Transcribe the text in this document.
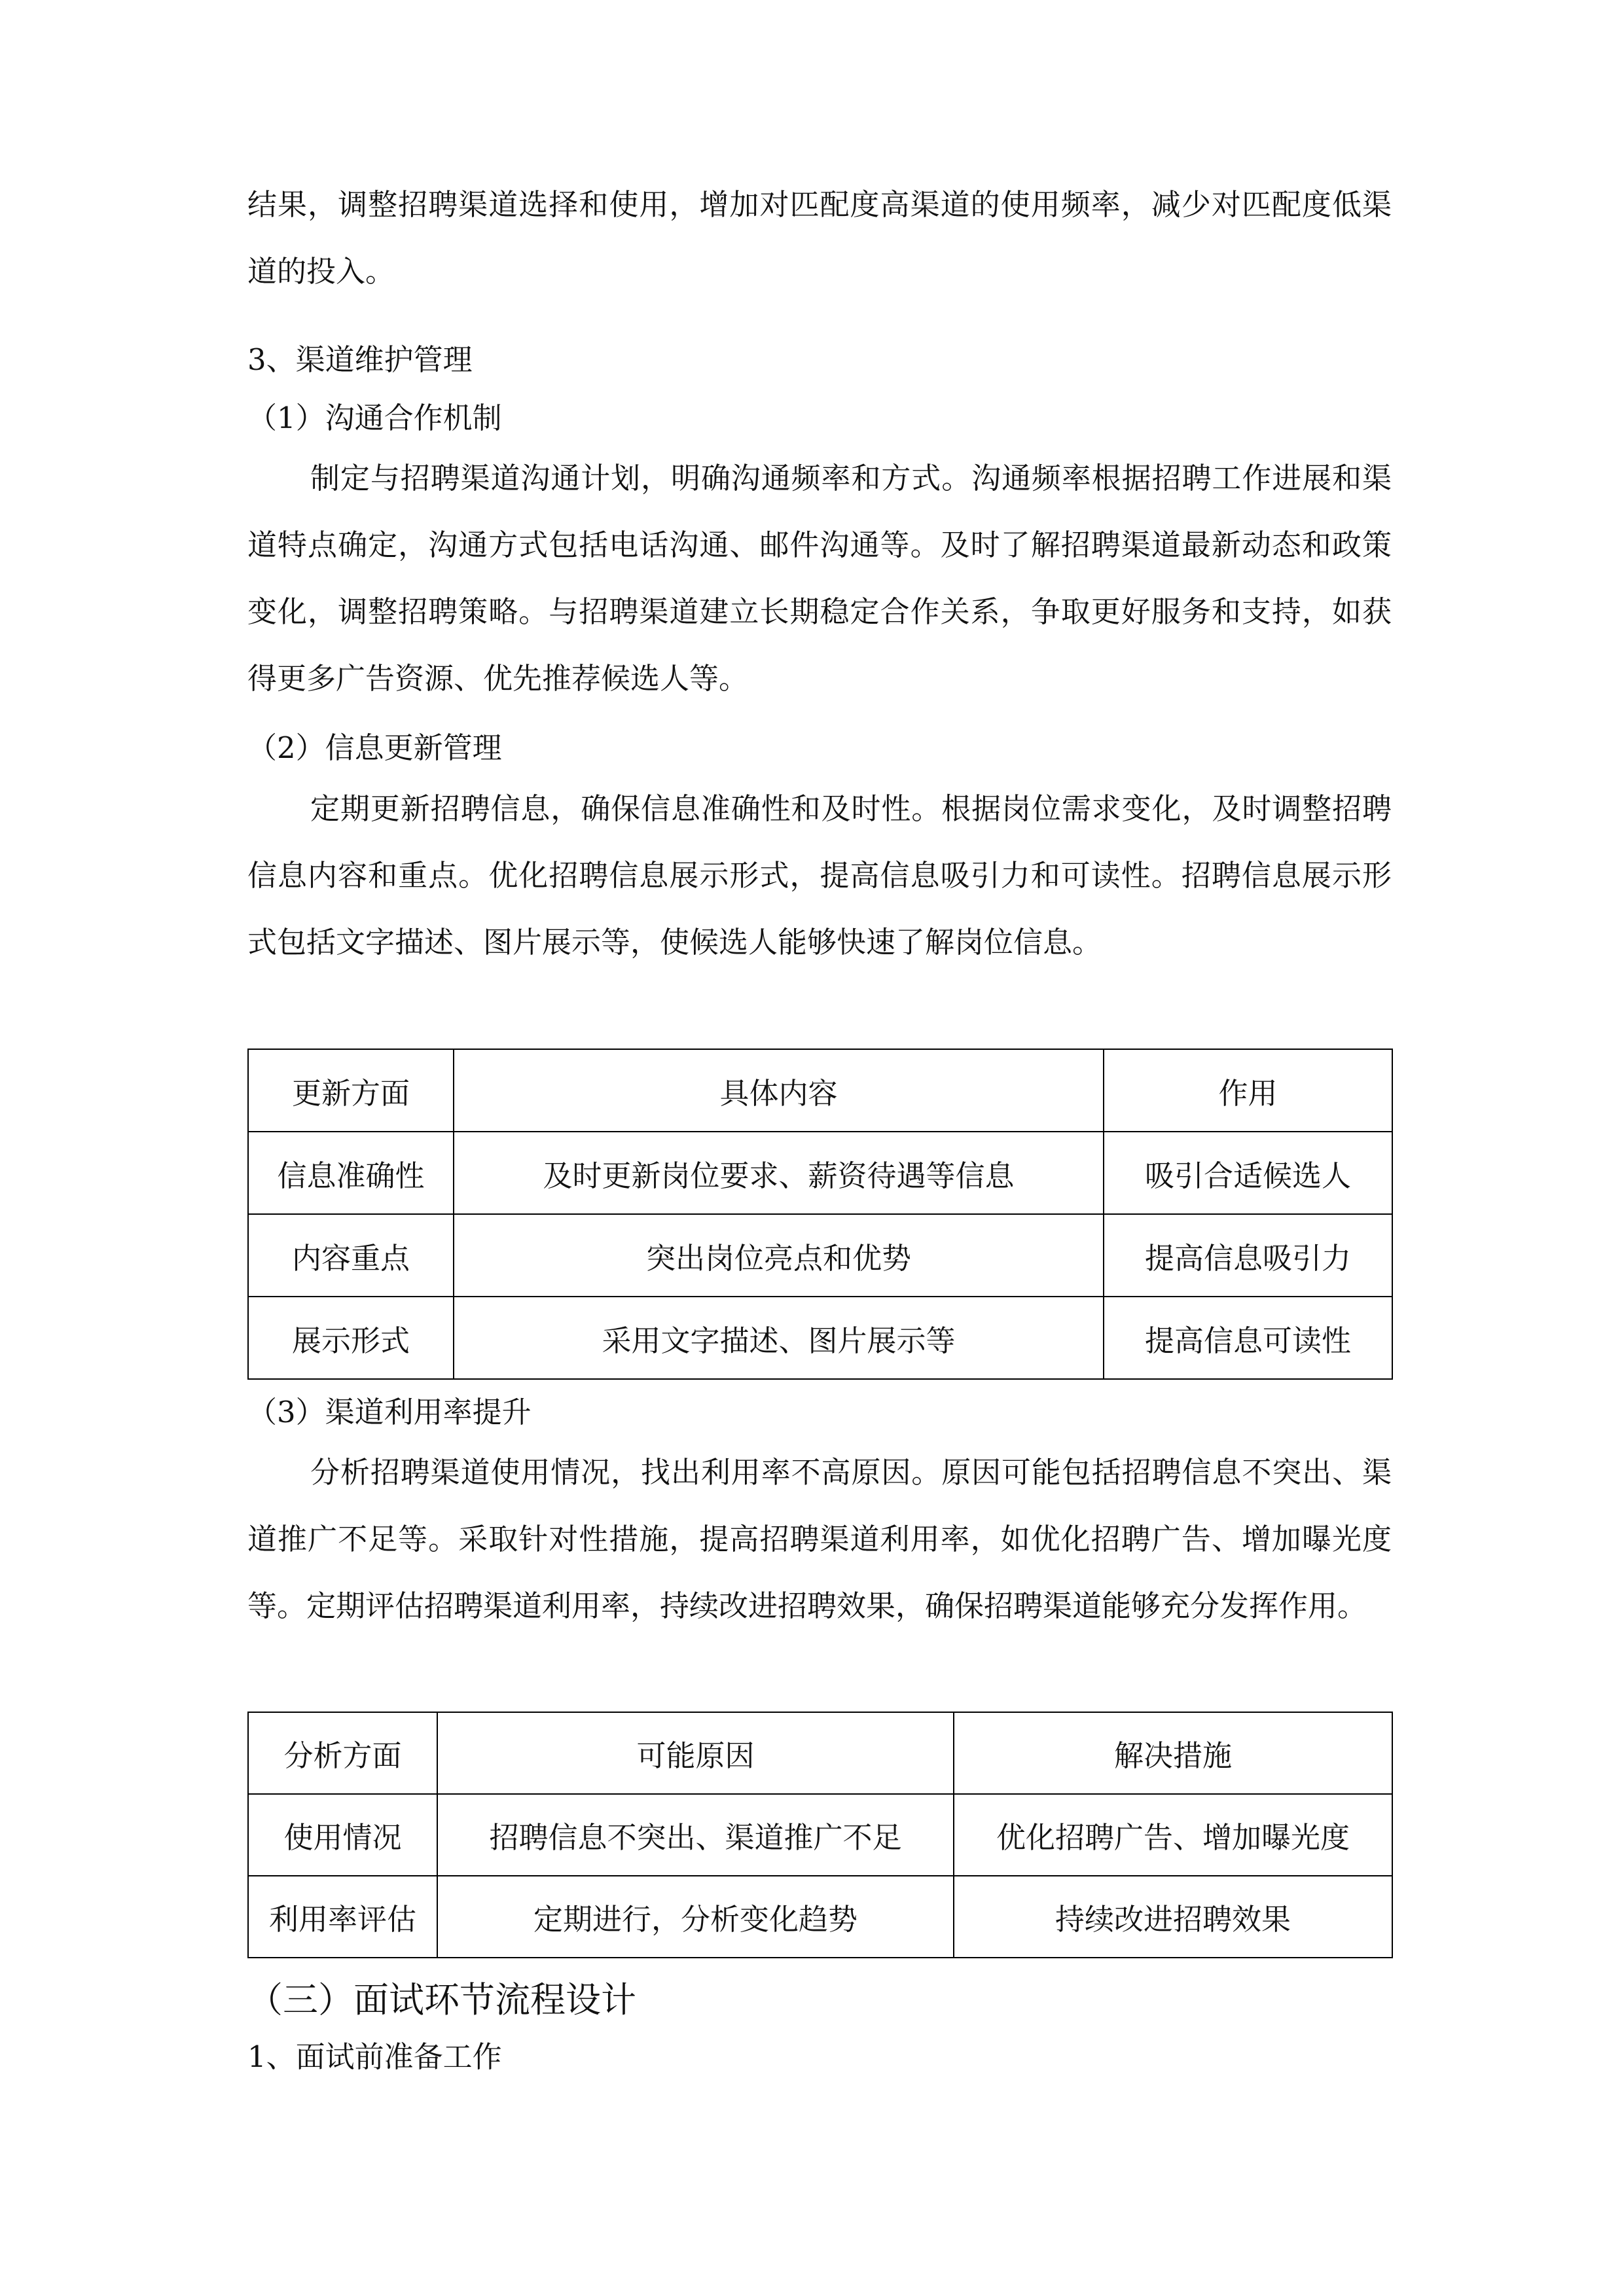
结果，调整招聘渠道选择和使用，增加对匹配度高渠道的使用频率，减少对匹配度低渠道的投入。

3、渠道维护管理

（1）沟通合作机制

制定与招聘渠道沟通计划，明确沟通频率和方式。沟通频率根据招聘工作进展和渠道特点确定，沟通方式包括电话沟通、邮件沟通等。及时了解招聘渠道最新动态和政策变化，调整招聘策略。与招聘渠道建立长期稳定合作关系，争取更好服务和支持，如获得更多广告资源、优先推荐候选人等。

（2）信息更新管理

定期更新招聘信息，确保信息准确性和及时性。根据岗位需求变化，及时调整招聘信息内容和重点。优化招聘信息展示形式，提高信息吸引力和可读性。招聘信息展示形式包括文字描述、图片展示等，使候选人能够快速了解岗位信息。

更新方面	具体内容	作用
信息准确性	及时更新岗位要求、薪资待遇等信息	吸引合适候选人
内容重点	突出岗位亮点和优势	提高信息吸引力
展示形式	采用文字描述、图片展示等	提高信息可读性

（3）渠道利用率提升

分析招聘渠道使用情况，找出利用率不高原因。原因可能包括招聘信息不突出、渠道推广不足等。采取针对性措施，提高招聘渠道利用率，如优化招聘广告、增加曝光度等。定期评估招聘渠道利用率，持续改进招聘效果，确保招聘渠道能够充分发挥作用。

分析方面	可能原因	解决措施
使用情况	招聘信息不突出、渠道推广不足	优化招聘广告、增加曝光度
利用率评估	定期进行，分析变化趋势	持续改进招聘效果

（三）面试环节流程设计

1、面试前准备工作
